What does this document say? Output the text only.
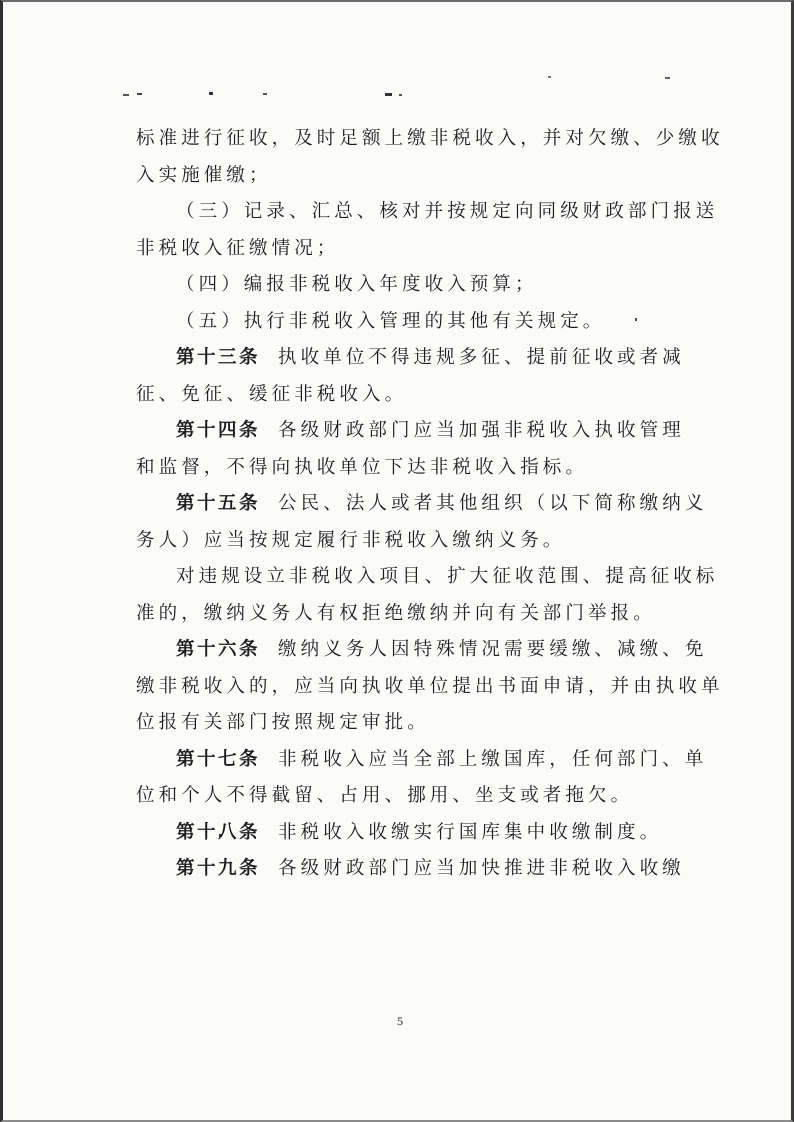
标准进行征收，及时足额上缴非税收入，并对欠缴、少缴收
入实施催缴；
（三）记录、汇总、核对并按规定向同级财政部门报送
非税收入征缴情况；
（四）编报非税收入年度收入预算；
（五）执行非税收入管理的其他有关规定。
第十三条 执收单位不得违规多征、提前征收或者减
征、免征、缓征非税收入。
第十四条 各级财政部门应当加强非税收入执收管理
和监督，不得向执收单位下达非税收入指标。
第十五条 公民、法人或者其他组织（以下简称缴纳义
务人）应当按规定履行非税收入缴纳义务。
对违规设立非税收入项目、扩大征收范围、提高征收标
准的，缴纳义务人有权拒绝缴纳并向有关部门举报。
第十六条 缴纳义务人因特殊情况需要缓缴、减缴、免
缴非税收入的，应当向执收单位提出书面申请，并由执收单
位报有关部门按照规定审批。
第十七条 非税收入应当全部上缴国库，任何部门、单
位和个人不得截留、占用、挪用、坐支或者拖欠。
第十八条 非税收入收缴实行国库集中收缴制度。
第十九条 各级财政部门应当加快推进非税收入收缴
5
